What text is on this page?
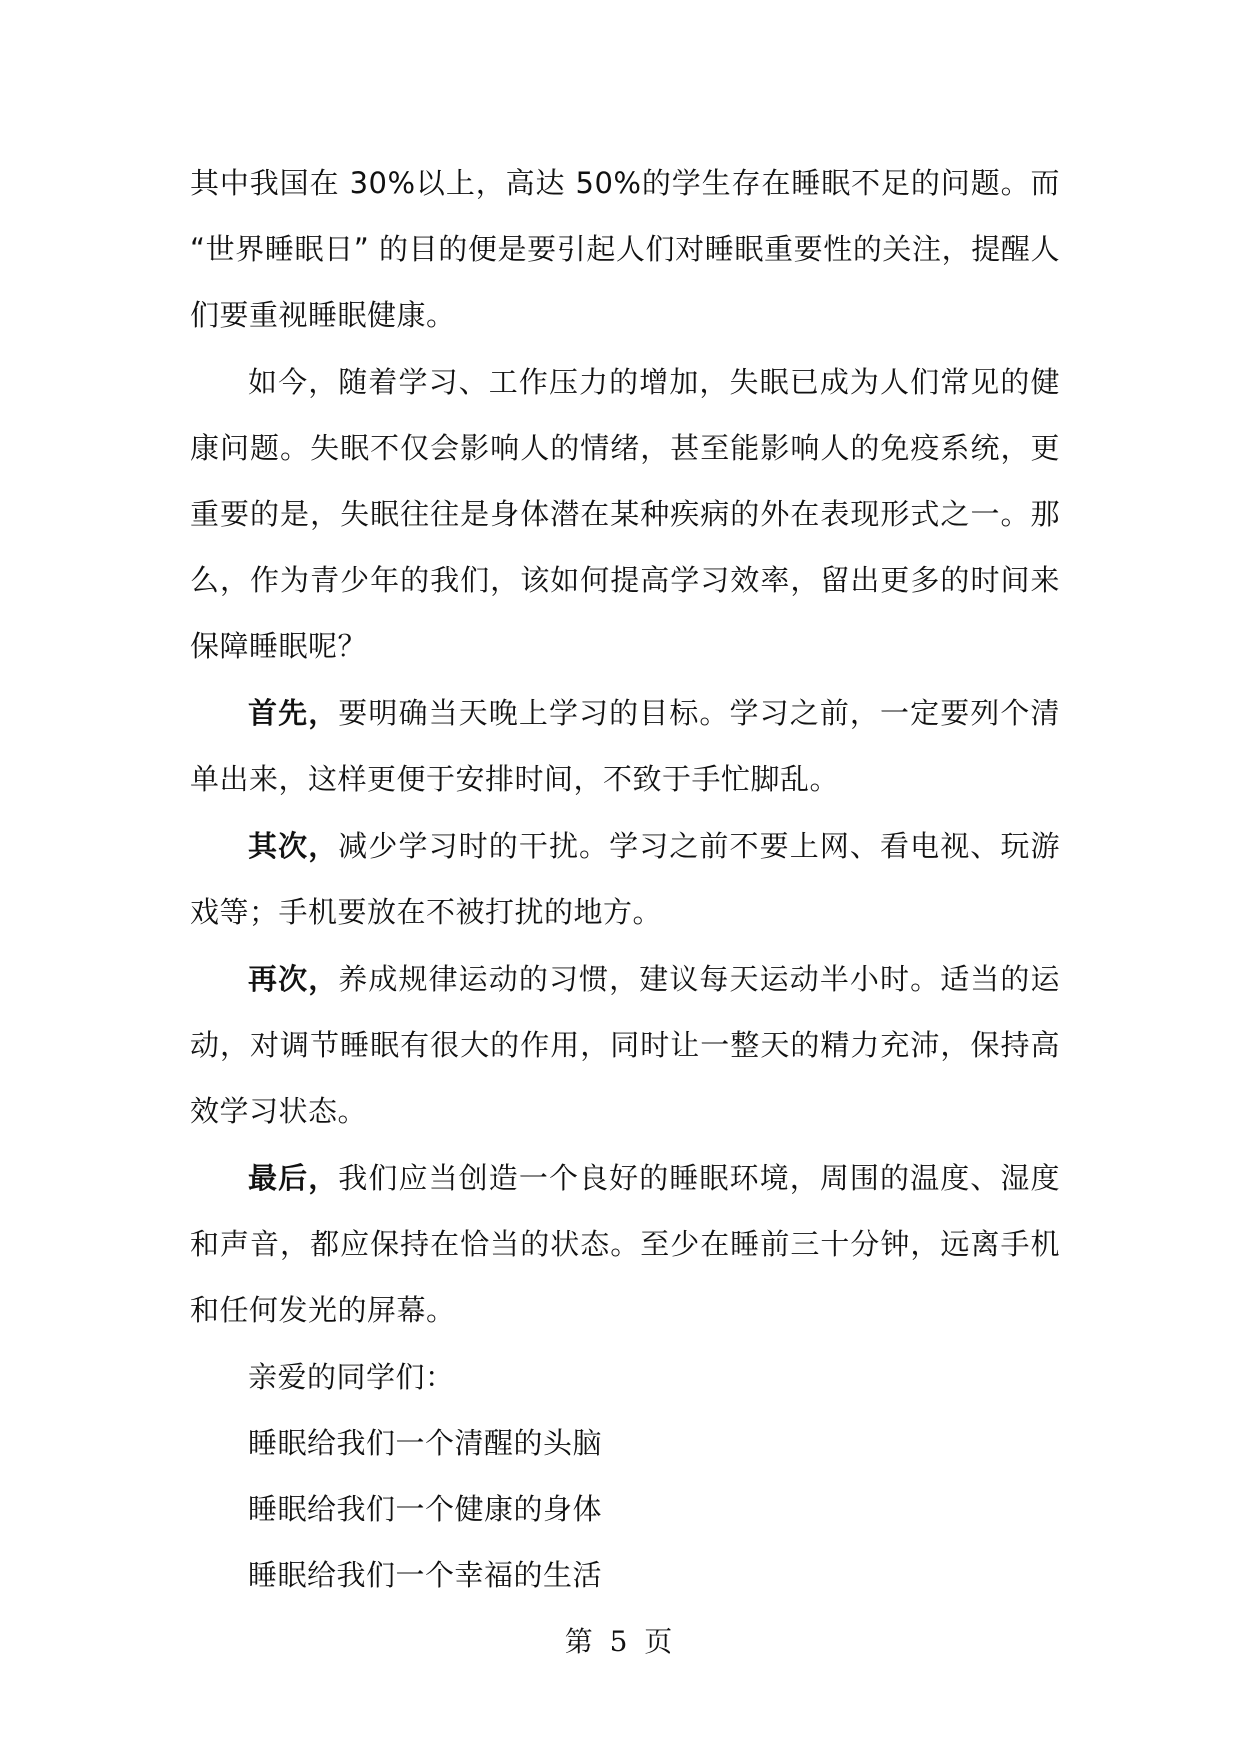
其中我国在 30%以上，高达 50%的学生存在睡眠不足的问题。而 “世界睡眠日” 的目的便是要引起人们对睡眠重要性的关注，提醒人们要重视睡眠健康。

如今，随着学习、工作压力的增加，失眠已成为人们常见的健康问题。失眠不仅会影响人的情绪，甚至能影响人的免疫系统，更重要的是，失眠往往是身体潜在某种疾病的外在表现形式之一。那么，作为青少年的我们，该如何提高学习效率，留出更多的时间来保障睡眠呢？

首先，要明确当天晚上学习的目标。学习之前，一定要列个清单出来，这样更便于安排时间，不致于手忙脚乱。

其次，减少学习时的干扰。学习之前不要上网、看电视、玩游戏等；手机要放在不被打扰的地方。

再次，养成规律运动的习惯，建议每天运动半小时。适当的运动，对调节睡眠有很大的作用，同时让一整天的精力充沛，保持高效学习状态。

最后，我们应当创造一个良好的睡眠环境，周围的温度、湿度和声音，都应保持在恰当的状态。至少在睡前三十分钟，远离手机和任何发光的屏幕。

亲爱的同学们：

睡眠给我们一个清醒的头脑

睡眠给我们一个健康的身体

睡眠给我们一个幸福的生活

第 5 页
